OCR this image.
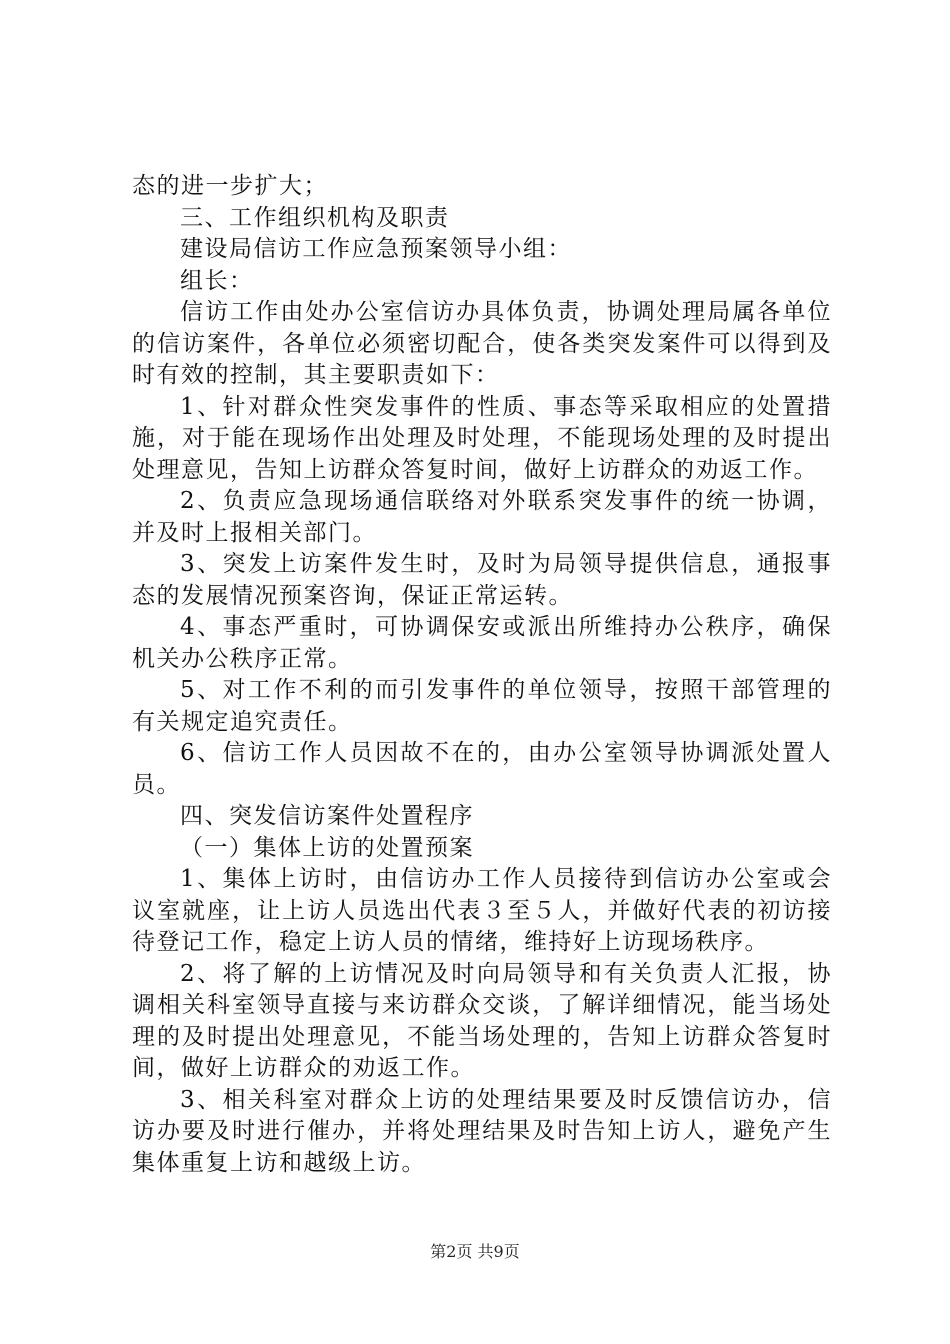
态的进一步扩大；

三、工作组织机构及职责

建设局信访工作应急预案领导小组：

组长：

信访工作由处办公室信访办具体负责，协调处理局属各单位的信访案件，各单位必须密切配合，使各类突发案件可以得到及时有效的控制，其主要职责如下：

1、针对群众性突发事件的性质、事态等采取相应的处置措施，对于能在现场作出处理及时处理，不能现场处理的及时提出处理意见，告知上访群众答复时间，做好上访群众的劝返工作。

2、负责应急现场通信联络对外联系突发事件的统一协调，并及时上报相关部门。

3、突发上访案件发生时，及时为局领导提供信息，通报事态的发展情况预案咨询，保证正常运转。

4、事态严重时，可协调保安或派出所维持办公秩序，确保机关办公秩序正常。

5、对工作不利的而引发事件的单位领导，按照干部管理的有关规定追究责任。

6、信访工作人员因故不在的，由办公室领导协调派处置人员。

四、突发信访案件处置程序

（一）集体上访的处置预案

1、集体上访时，由信访办工作人员接待到信访办公室或会议室就座，让上访人员选出代表３至５人，并做好代表的初访接待登记工作，稳定上访人员的情绪，维持好上访现场秩序。

2、将了解的上访情况及时向局领导和有关负责人汇报，协调相关科室领导直接与来访群众交谈，了解详细情况，能当场处理的及时提出处理意见，不能当场处理的，告知上访群众答复时间，做好上访群众的劝返工作。

3、相关科室对群众上访的处理结果要及时反馈信访办，信访办要及时进行催办，并将处理结果及时告知上访人，避免产生集体重复上访和越级上访。

第2页 共9页
